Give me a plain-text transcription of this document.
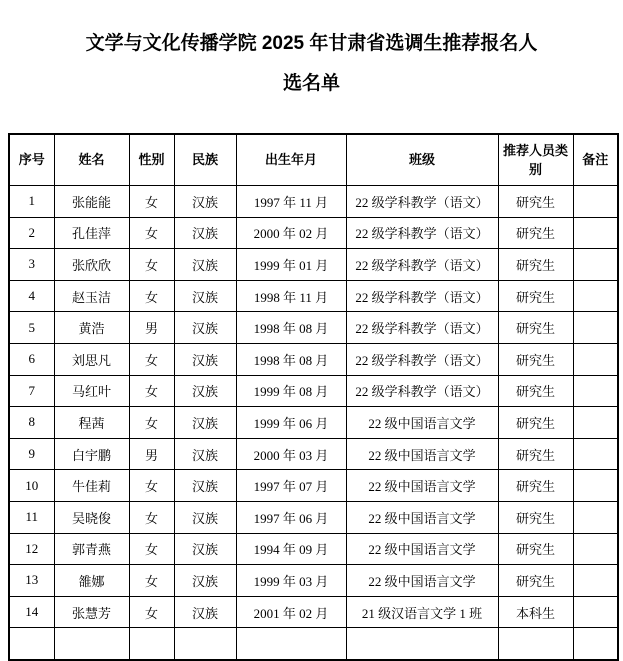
文学与文化传播学院 2025 年甘肃省选调生推荐报名人
选名单
序号	姓名	性别	民族	出生年月	班级	推荐人员类别	备注
1	张能能	女	汉族	1997 年 11 月	22 级学科教学（语文）	研究生	
2	孔佳萍	女	汉族	2000 年 02 月	22 级学科教学（语文）	研究生	
3	张欣欣	女	汉族	1999 年 01 月	22 级学科教学（语文）	研究生	
4	赵玉洁	女	汉族	1998 年 11 月	22 级学科教学（语文）	研究生	
5	黄浩	男	汉族	1998 年 08 月	22 级学科教学（语文）	研究生	
6	刘思凡	女	汉族	1998 年 08 月	22 级学科教学（语文）	研究生	
7	马红叶	女	汉族	1999 年 08 月	22 级学科教学（语文）	研究生	
8	程茜	女	汉族	1999 年 06 月	22 级中国语言文学	研究生	
9	白宇鹏	男	汉族	2000 年 03 月	22 级中国语言文学	研究生	
10	牛佳莉	女	汉族	1997 年 07 月	22 级中国语言文学	研究生	
11	吴晓俊	女	汉族	1997 年 06 月	22 级中国语言文学	研究生	
12	郭青燕	女	汉族	1994 年 09 月	22 级中国语言文学	研究生	
13	雒娜	女	汉族	1999 年 03 月	22 级中国语言文学	研究生	
14	张慧芳	女	汉族	2001 年 02 月	21 级汉语言文学 1 班	本科生	
